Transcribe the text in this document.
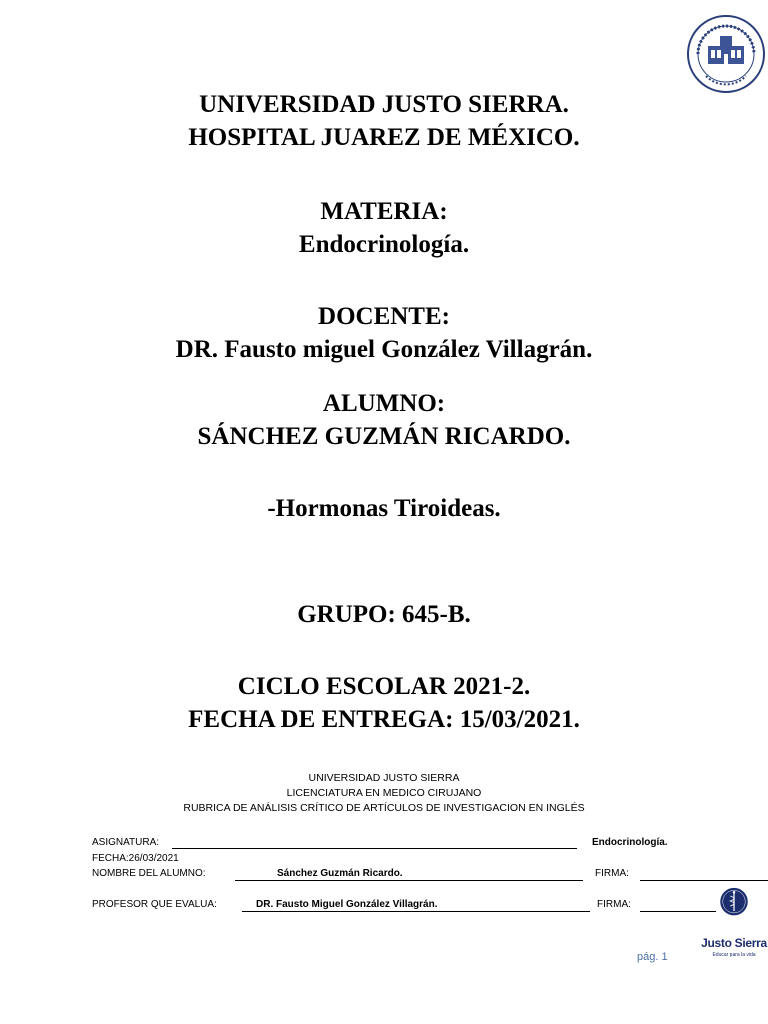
UNIVERSIDAD JUSTO SIERRA.
HOSPITAL JUAREZ DE MÉXICO.
MATERIA:
Endocrinología.
DOCENTE:
DR. Fausto miguel González Villagrán.
ALUMNO:
SÁNCHEZ GUZMÁN RICARDO.
-Hormonas Tiroideas.
GRUPO: 645-B.
CICLO ESCOLAR 2021-2.
FECHA DE ENTREGA: 15/03/2021.
UNIVERSIDAD JUSTO SIERRA
LICENCIATURA EN MEDICO CIRUJANO
RUBRICA DE ANÁLISIS CRÍTICO DE ARTÍCULOS DE INVESTIGACION EN INGLÉS
ASIGNATURA:	Endocrinología.
FECHA:26/03/2021
NOMBRE DEL ALUMNO:	Sánchez Guzmán Ricardo.	FIRMA:
PROFESOR QUE EVALUA:	DR. Fausto Miguel González Villagrán.	FIRMA:
Justo Sierra
Educar para la vida
pág. 1
